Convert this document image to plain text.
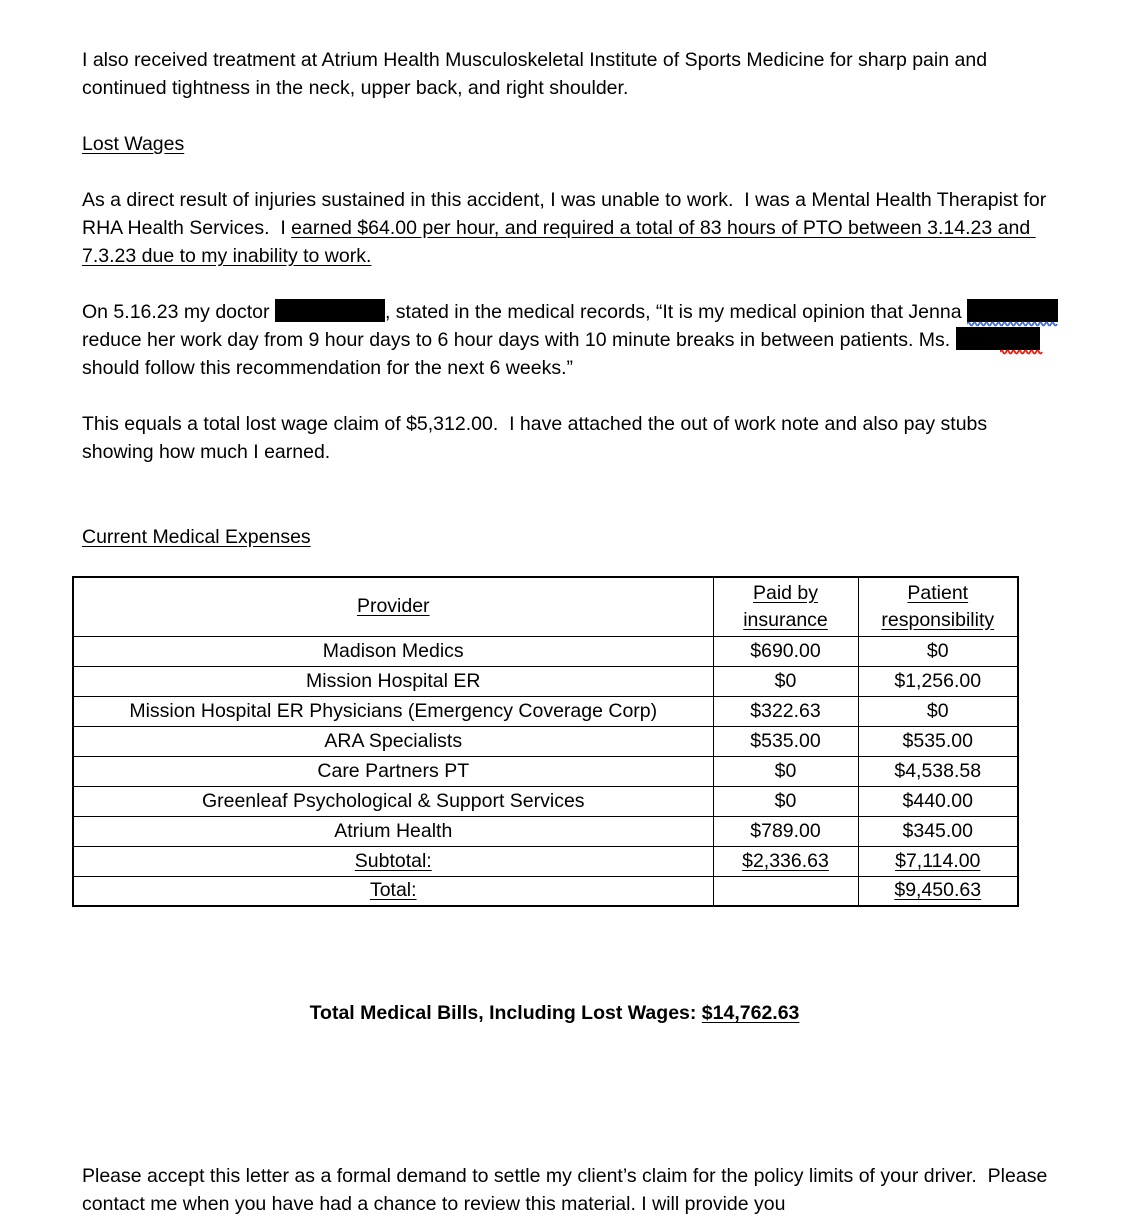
I also received treatment at Atrium Health Musculoskeletal Institute of Sports Medicine for sharp pain and continued tightness in the neck, upper back, and right shoulder.
Lost Wages
As a direct result of injuries sustained in this accident, I was unable to work.  I was a Mental Health Therapist for RHA Health Services.  I earned $64.00 per hour, and required a total of 83 hours of PTO between 3.14.23 and 7.3.23 due to my inability to work.
On 5.16.23 my doctor	, stated in the medical records, “It is my medical opinion that Jenna	reduce her work day from 9 hour days to 6 hour days with 10 minute breaks in between patients. Ms.	should follow this recommendation for the next 6 weeks.”
This equals a total lost wage claim of $5,312.00.  I have attached the out of work note and also pay stubs showing how much I earned.
Current Medical Expenses
Provider	Paid by insurance	Patient responsibility
Madison Medics	$690.00	$0
Mission Hospital ER	$0	$1,256.00
Mission Hospital ER Physicians (Emergency Coverage Corp)	$322.63	$0
ARA Specialists	$535.00	$535.00
Care Partners PT	$0	$4,538.58
Greenleaf Psychological & Support Services	$0	$440.00
Atrium Health	$789.00	$345.00
Subtotal:	$2,336.63	$7,114.00
Total:		$9,450.63
Total Medical Bills, Including Lost Wages: $14,762.63
Please accept this letter as a formal demand to settle my client’s claim for the policy limits of your driver.  Please contact me when you have had a chance to review this material. I will provide you
